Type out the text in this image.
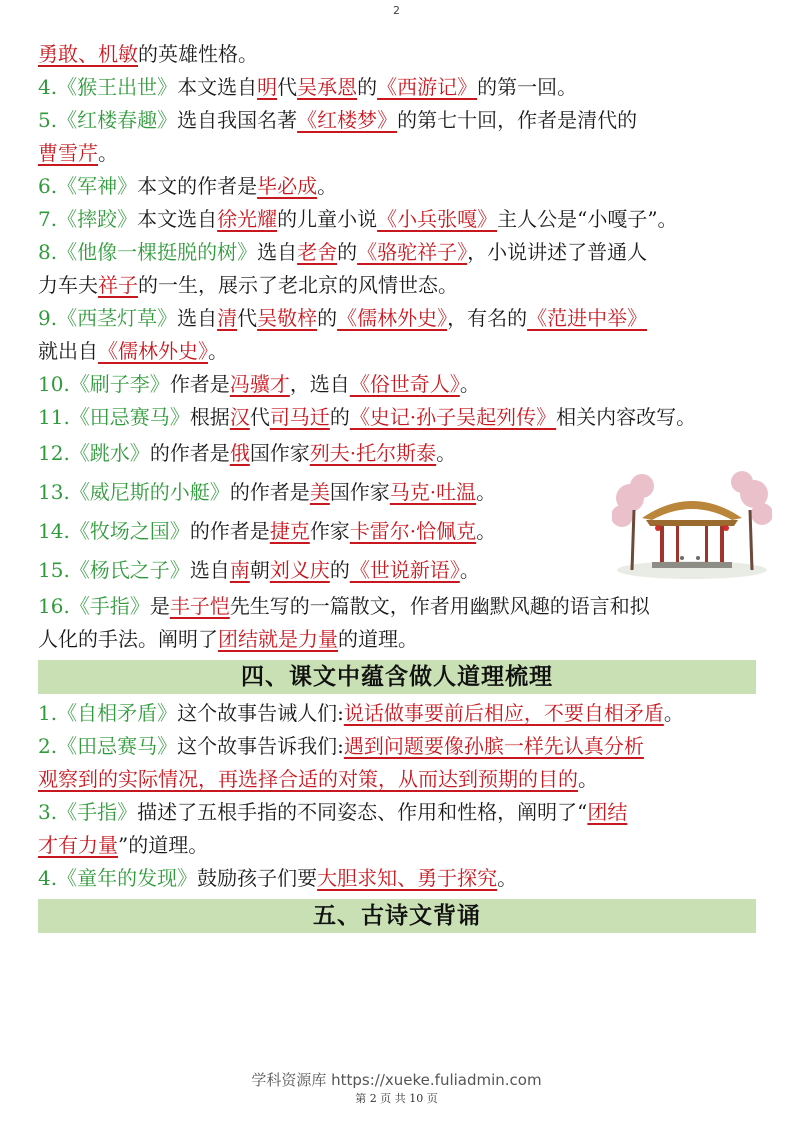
2
勇敢、机敏的英雄性格。
4.《猴王出世》本文选自明代吴承恩的《西游记》的第一回。
5.《红楼春趣》选自我国名著《红楼梦》的第七十回，作者是清代的
曹雪芹。
6.《军神》本文的作者是毕必成。
7.《摔跤》本文选自徐光耀的儿童小说《小兵张嘎》主人公是“小嘎子”。
8.《他像一棵挺脱的树》选自老舍的《骆驼祥子》，小说讲述了普通人
力车夫祥子的一生，展示了老北京的风情世态。
9.《西茎灯草》选自清代吴敬梓的《儒林外史》，有名的《范进中举》
就出自《儒林外史》。
10.《刷子李》作者是冯骥才，选自《俗世奇人》。
11.《田忌赛马》根据汉代司马迁的《史记·孙子吴起列传》相关内容改写。
12.《跳水》的作者是俄国作家列夫·托尔斯泰。
13.《威尼斯的小艇》的作者是美国作家马克·吐温。
14.《牧场之国》的作者是捷克作家卡雷尔·恰佩克。
15.《杨氏之子》选自南朝刘义庆的《世说新语》。
16.《手指》是丰子恺先生写的一篇散文，作者用幽默风趣的语言和拟
人化的手法。阐明了团结就是力量的道理。
四、课文中蕴含做人道理梳理
1.《自相矛盾》这个故事告诫人们:说话做事要前后相应，不要自相矛盾。
2.《田忌赛马》这个故事告诉我们:遇到问题要像孙膑一样先认真分析
观察到的实际情况，再选择合适的对策，从而达到预期的目的。
3.《手指》描述了五根手指的不同姿态、作用和性格，阐明了“团结
才有力量”的道理。
4.《童年的发现》鼓励孩子们要大胆求知、勇于探究。
五、古诗文背诵
学科资源库 https://xueke.fuliadmin.com
第 2 页 共 10 页
